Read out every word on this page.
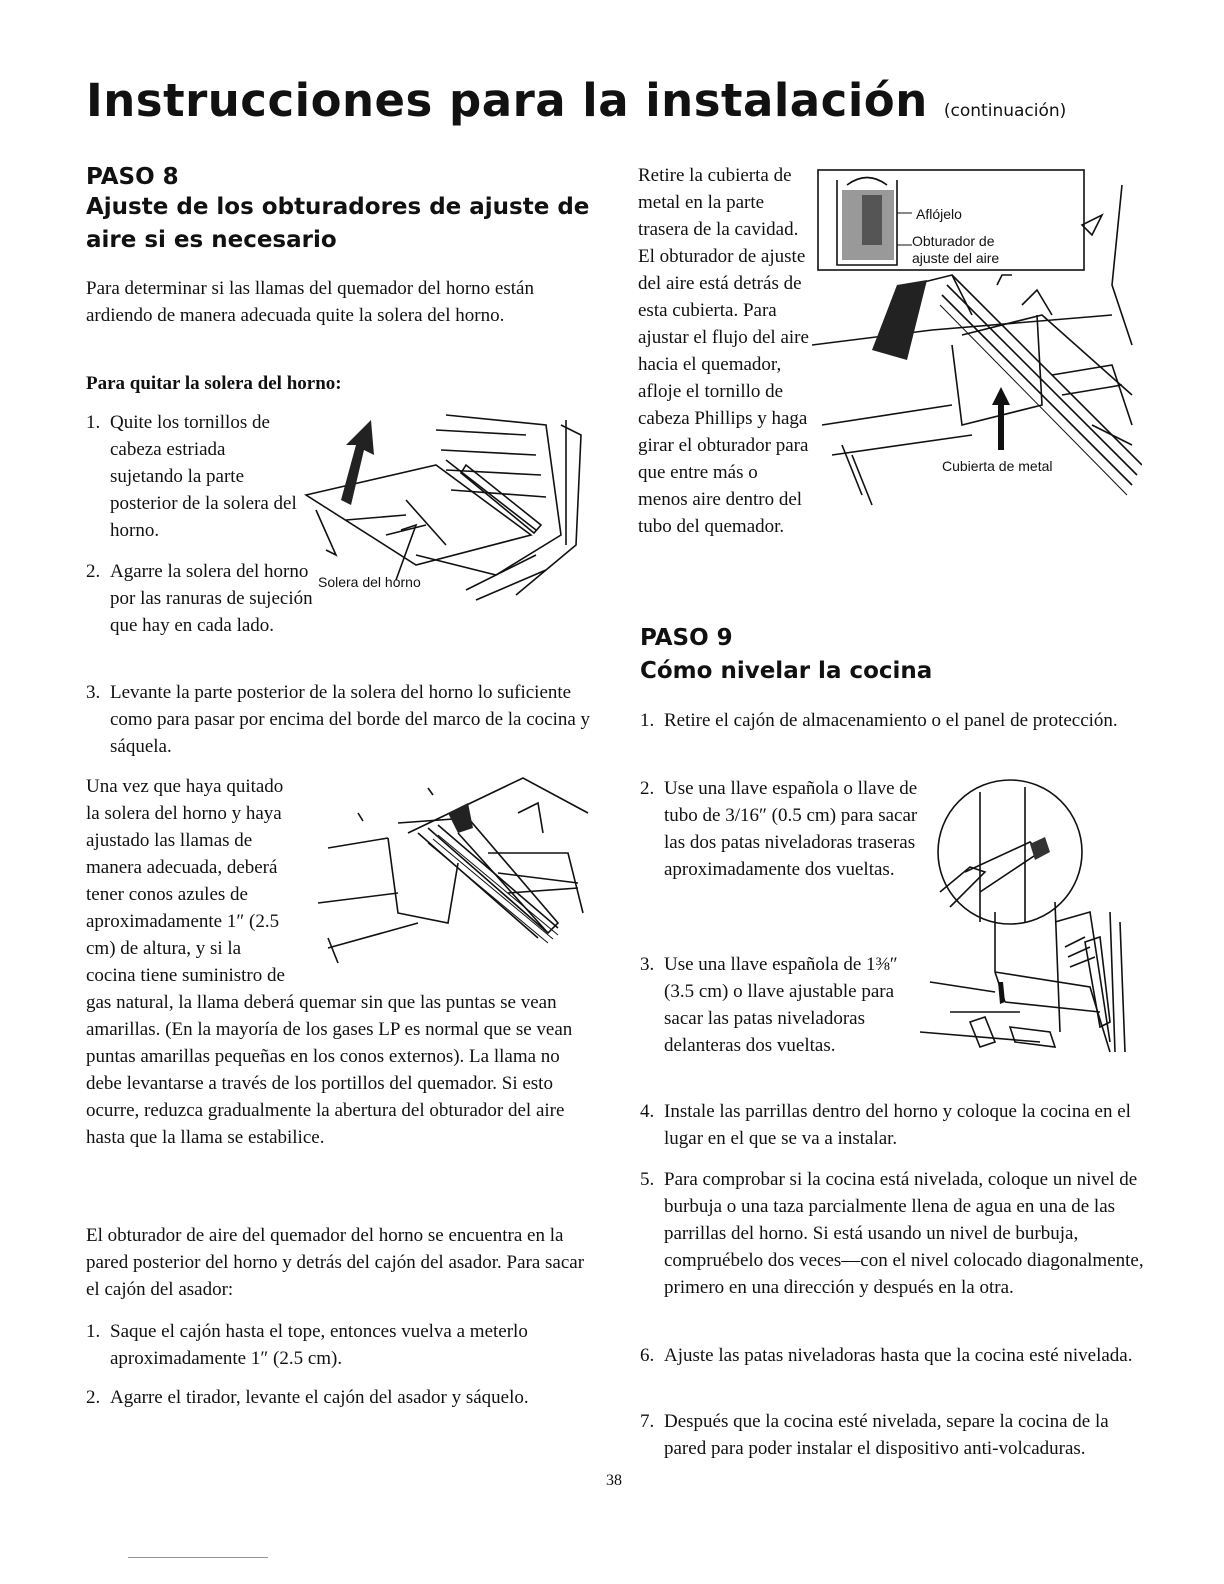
Instrucciones para la instalación (continuación)
PASO 8
Ajuste de los obturadores de ajuste de aire si es necesario

Para determinar si las llamas del quemador del horno están ardiendo de manera adecuada quite la solera del horno.

Para quitar la solera del horno:

1. Quite los tornillos de cabeza estriada sujetando la parte posterior de la solera del horno.
2. Agarre la solera del horno por las ranuras de sujeción que hay en cada lado.
3. Levante la parte posterior de la solera del horno lo suficiente como para pasar por encima del borde del marco de la cocina y sáquela.
Solera del horno

Una vez que haya quitado la solera del horno y haya ajustado las llamas de manera adecuada, deberá tener conos azules de aproximadamente 1″ (2.5 cm) de altura, y si la cocina tiene suministro de gas natural, la llama deberá quemar sin que las puntas se vean amarillas. (En la mayoría de los gases LP es normal que se vean puntas amarillas pequeñas en los conos externos). La llama no debe levantarse a través de los portillos del quemador. Si esto ocurre, reduzca gradualmente la abertura del obturador del aire hasta que la llama se estabilice.

El obturador de aire del quemador del horno se encuentra en la pared posterior del horno y detrás del cajón del asador. Para sacar el cajón del asador:

1. Saque el cajón hasta el tope, entonces vuelva a meterlo aproximadamente 1″ (2.5 cm).
2. Agarre el tirador, levante el cajón del asador y sáquelo.
Retire la cubierta de metal en la parte trasera de la cavidad. El obturador de ajuste del aire está detrás de esta cubierta. Para ajustar el flujo del aire hacia el quemador, afloje el tornillo de cabeza Phillips y haga girar el obturador para que entre más o menos aire dentro del tubo del quemador.
Aflójelo
Obturador de
ajuste del aire
Cubierta de metal
PASO 9
Cómo nivelar la cocina
1. Retire el cajón de almacenamiento o el panel de protección.
2. Use una llave española o llave de tubo de 3/16″ (0.5 cm) para sacar las dos patas niveladoras traseras aproximadamente dos vueltas.
3. Use una llave española de 1⅜″ (3.5 cm) o llave ajustable para sacar las patas niveladoras delanteras dos vueltas.
4. Instale las parrillas dentro del horno y coloque la cocina en el lugar en el que se va a instalar.
5. Para comprobar si la cocina está nivelada, coloque un nivel de burbuja o una taza parcialmente llena de agua en una de las parrillas del horno. Si está usando un nivel de burbuja, compruébelo dos veces—con el nivel colocado diagonalmente, primero en una dirección y después en la otra.
6. Ajuste las patas niveladoras hasta que la cocina esté nivelada.
7. Después que la cocina esté nivelada, separe la cocina de la pared para poder instalar el dispositivo anti-volcaduras.
38
